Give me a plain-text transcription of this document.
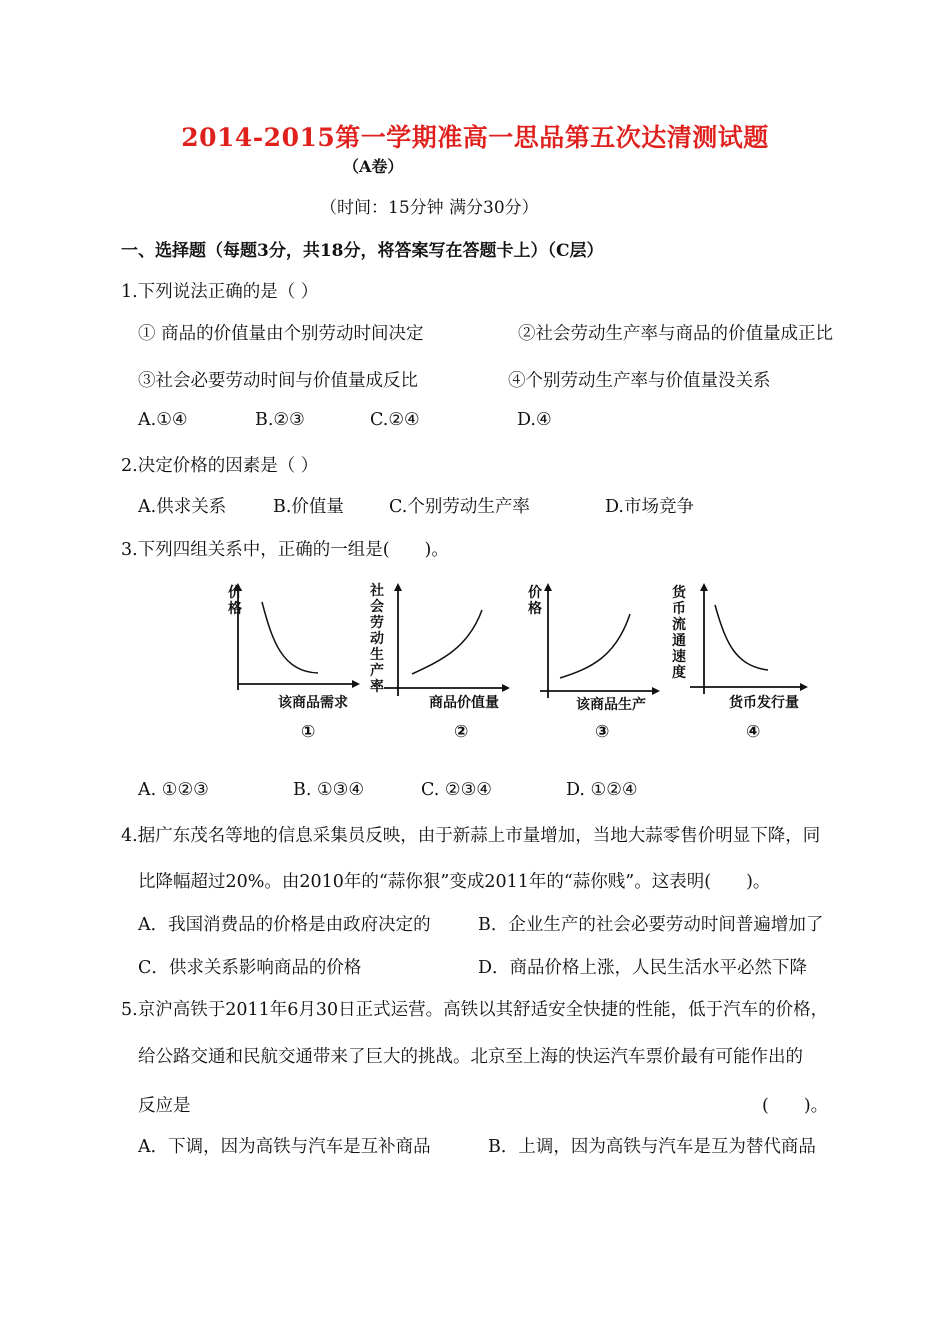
2014-2015第一学期准高一思品第五次达清测试题
（A卷）
（时间：15分钟 满分30分）
一、选择题（每题3分，共18分，将答案写在答题卡上）（C层）
1.下列说法正确的是（ ）
① 商品的价值量由个别劳动时间决定	②社会劳动生产率与商品的价值量成正比
③社会必要劳动时间与价值量成反比	④个别劳动生产率与价值量没关系
A.①④	B.②③	C.②④	D.④
2.决定价格的因素是（ ）
A.供求关系	B.价值量	C.个别劳动生产率	D.市场竞争
3.下列四组关系中，正确的一组是(　　)。
价
格
该商品需求
①
社
会
劳
动
生
产
率
商品价值量
②
价
格
该商品生产
③
货
币
流
通
速
度
货币发行量
④
A. ①②③	B. ①③④	C. ②③④	D. ①②④
4.据广东茂名等地的信息采集员反映，由于新蒜上市量增加，当地大蒜零售价明显下降，同
比降幅超过20%。由2010年的“蒜你狠”变成2011年的“蒜你贱”。这表明(　　)。
A．我国消费品的价格是由政府决定的	B．企业生产的社会必要劳动时间普遍增加了
C．供求关系影响商品的价格	D．商品价格上涨，人民生活水平必然下降
5.京沪高铁于2011年6月30日正式运营。高铁以其舒适安全快捷的性能，低于汽车的价格，
给公路交通和民航交通带来了巨大的挑战。北京至上海的快运汽车票价最有可能作出的
反应是	(　　)。
A．下调，因为高铁与汽车是互补商品	B．上调，因为高铁与汽车是互为替代商品
